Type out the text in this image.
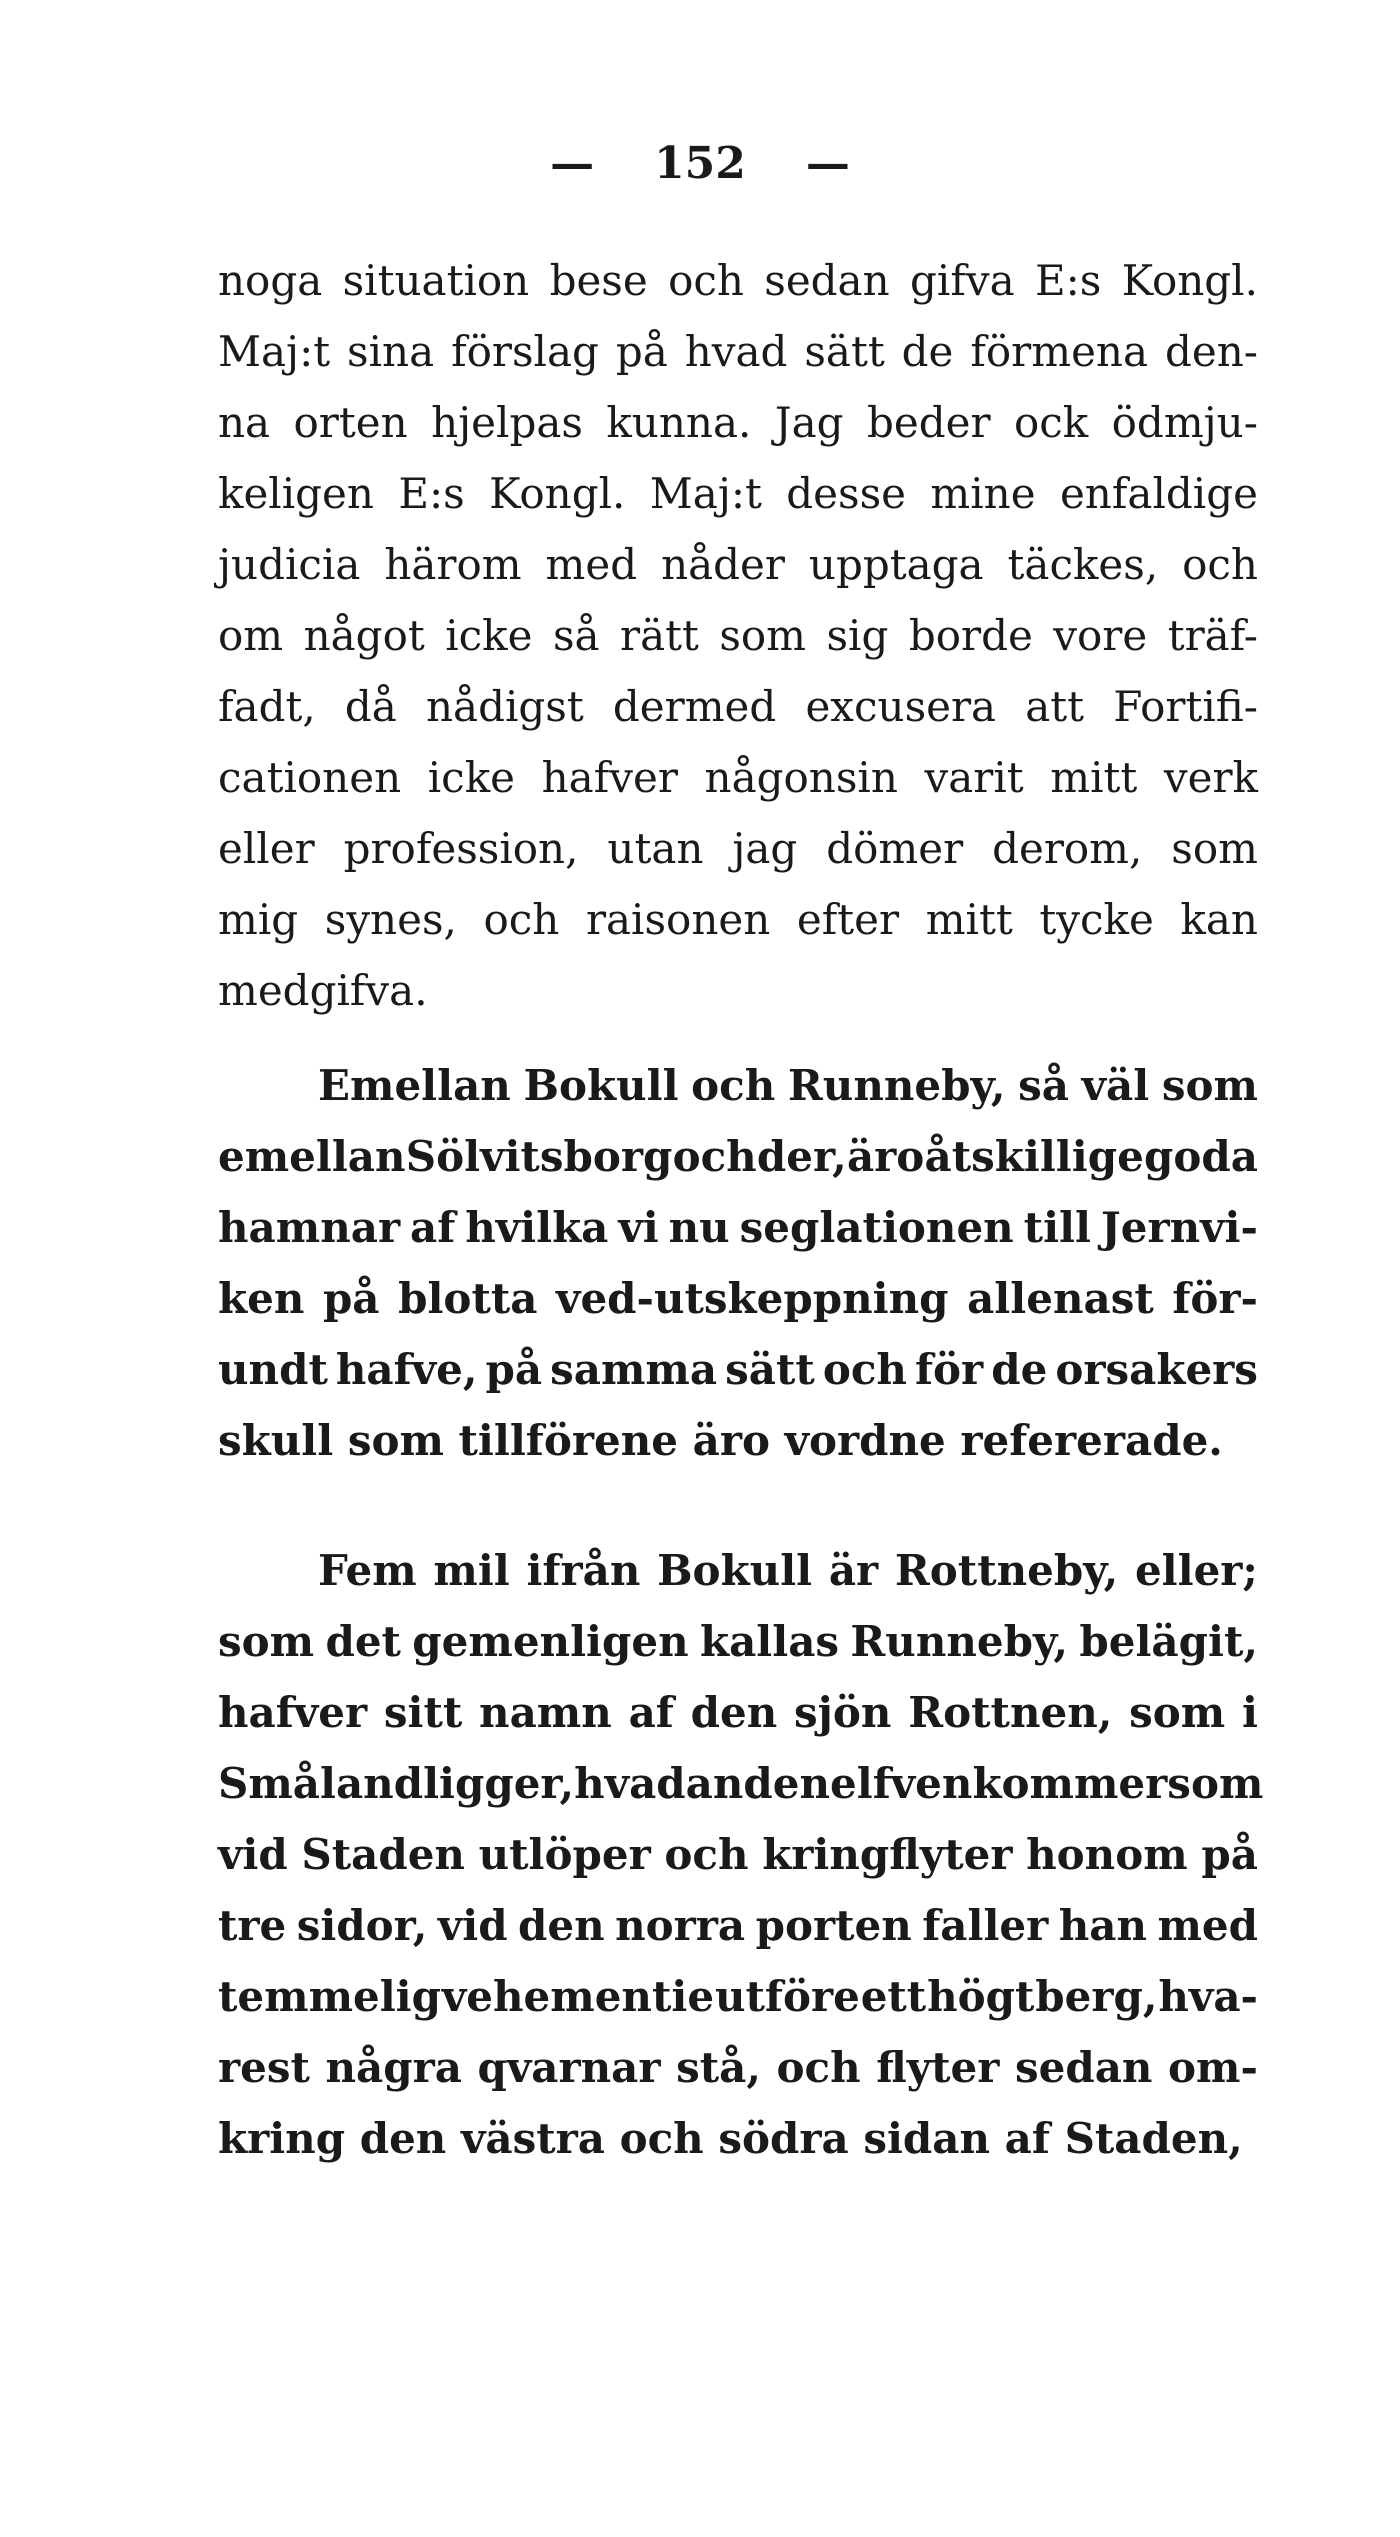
— 152 —
noga situation bese och sedan gifva E:s Kongl.
Maj:t sina förslag på hvad sätt de förmena den-
na orten hjelpas kunna. Jag beder ock ödmju-
keligen E:s Kongl. Maj:t desse mine enfaldige
judicia härom med nåder upptaga täckes, och
om något icke så rätt som sig borde vore träf-
fadt, då nådigst dermed excusera att Fortifi-
cationen icke hafver någonsin varit mitt verk
eller profession, utan jag dömer derom, som
mig synes, och raisonen efter mitt tycke kan
medgifva.
Emellan Bokull och Runneby, så väl som
emellan Sölvitsborg och der, äro åtskillige goda
hamnar af hvilka vi nu seglationen till Jernvi-
ken på blotta ved-utskeppning allenast för-
undt hafve, på samma sätt och för de orsakers
skull som tillförene äro vordne refererade.
Fem mil ifrån Bokull är Rottneby, eller;
som det gemenligen kallas Runneby, belägit,
hafver sitt namn af den sjön Rottnen, som i
Småland ligger, hvadan den elfven kommer som
vid Staden utlöper och kringflyter honom på
tre sidor, vid den norra porten faller han med
temmelig vehementie utföre ett högt berg, hva-
rest några qvarnar stå, och flyter sedan om-
kring den västra och södra sidan af Staden,
